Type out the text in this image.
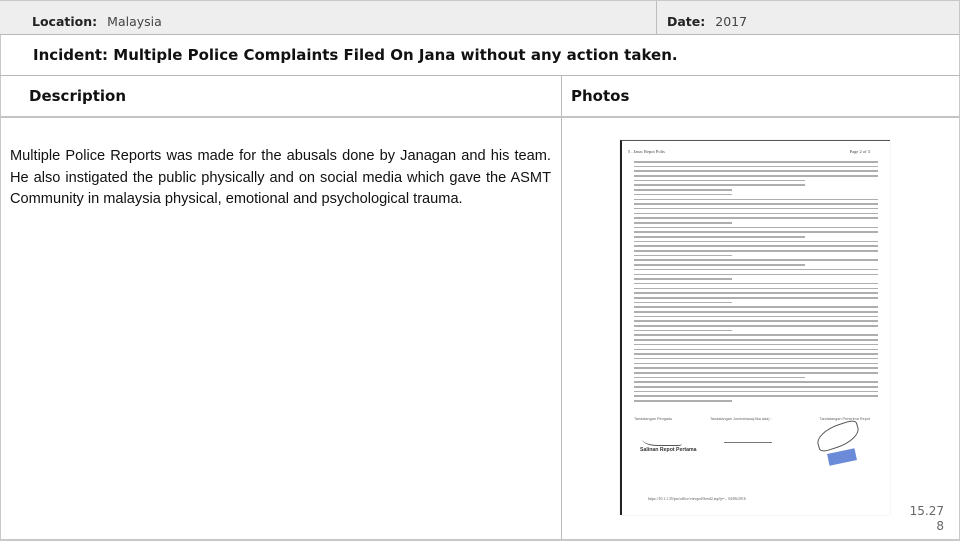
Location: Malaysia	Date: 2017
Incident: Multiple Police Complaints Filed On Jana without any action taken.
Description	Photos
Multiple Police Reports was made for the abusals done by Janagan and his team. He also instigated the public physically and on social media which gave the ASMT Community in malaysia physical, emotional and psychological trauma.
5 . Jana: Repot Polis	Page 2 of 3
Tandatangan Pengadu	Tandatangan Jurubahasa(Jika ada) :	Tandatangan Penerima Repot
Salinan Repot Pertama
https://10.1.1.35/pro/office/viewpol/Sreal2.asp?p=... 04/06/2016
15.27
8
